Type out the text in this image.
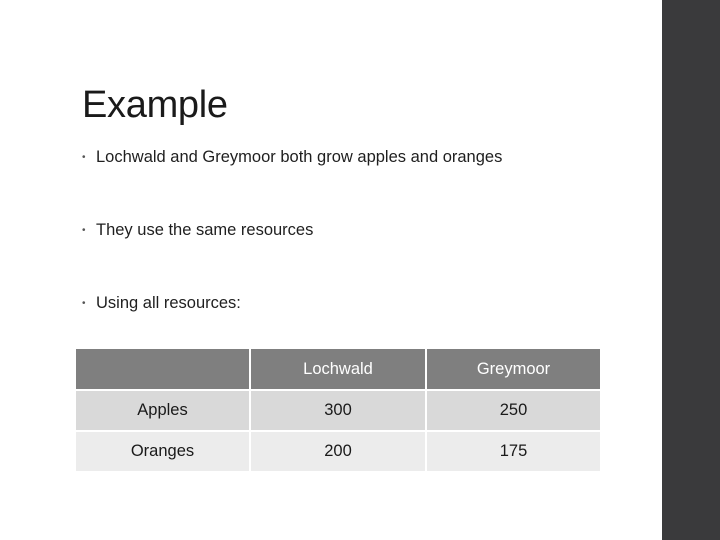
Example
• Lochwald and Greymoor both grow apples and oranges
• They use the same resources
• Using all resources:
	Lochwald	Greymoor
Apples	300	250
Oranges	200	175
